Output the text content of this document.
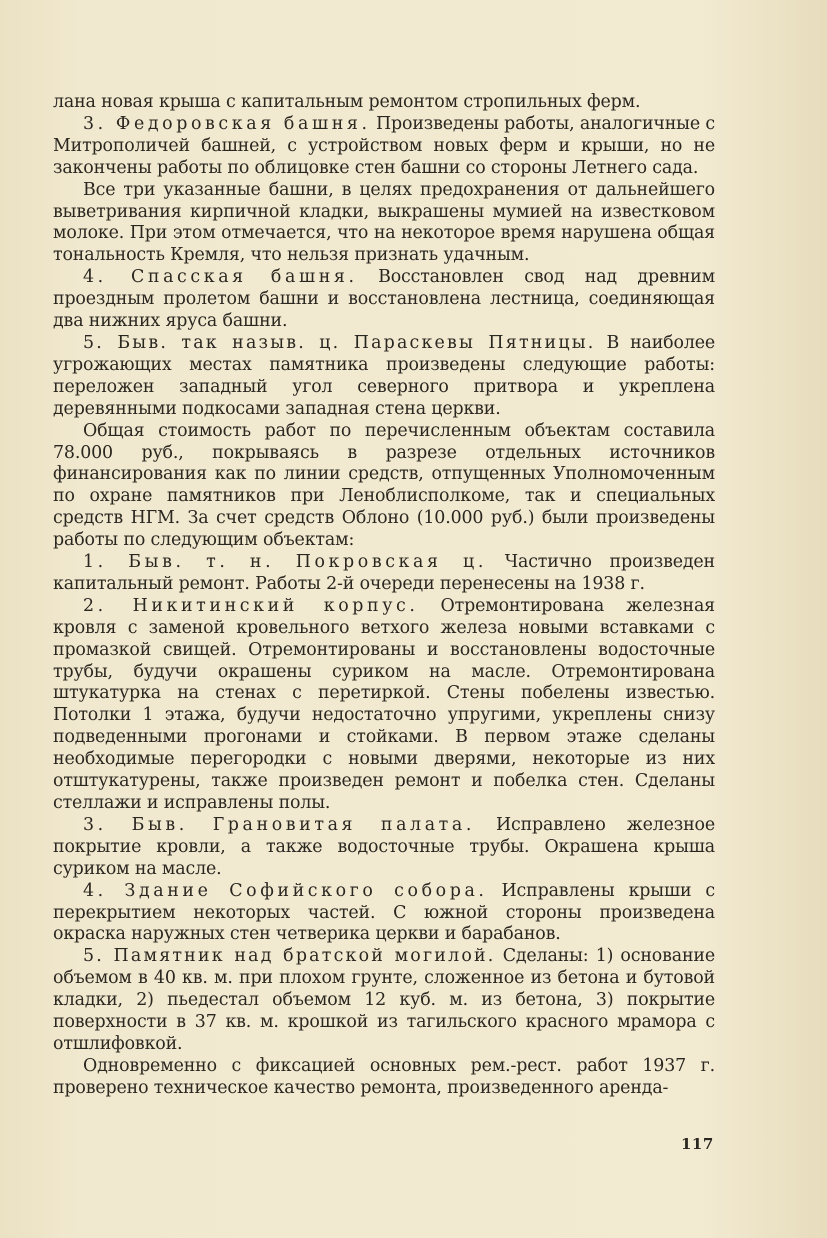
лана новая крыша с капитальным ремонтом стропильных ферм.

3. Федоровская башня. Произведены работы, аналогичные с Митрополичей башней, с устройством новых ферм и крыши, но не закончены работы по облицовке стен башни со стороны Летнего сада.

Все три указанные башни, в целях предохранения от дальнейшего выветривания кирпичной кладки, выкрашены мумией на известковом молоке. При этом отмечается, что на некоторое время нарушена общая тональность Кремля, что нельзя признать удачным.

4. Спасская башня. Восстановлен свод над древним проездным пролетом башни и восстановлена лестница, соединяющая два нижних яруса башни.

5. Быв. так назыв. ц. Параскевы Пятницы. В наиболее угрожающих местах памятника произведены следующие работы: переложен западный угол северного притвора и укреплена деревянными подкосами западная стена церкви.

Общая стоимость работ по перечисленным объектам составила 78.000 руб., покрываясь в разрезе отдельных источников финансирования как по линии средств, отпущенных Уполномоченным по охране памятников при Леноблисполкоме, так и специальных средств НГМ. За счет средств Облоно (10.000 руб.) были произведены работы по следующим объектам:

1. Быв. т. н. Покровская ц. Частично произведен капитальный ремонт. Работы 2-й очереди перенесены на 1938 г.

2. Никитинский корпус. Отремонтирована железная кровля с заменой кровельного ветхого железа новыми вставками с промазкой свищей. Отремонтированы и восстановлены водосточные трубы, будучи окрашены суриком на масле. Отремонтирована штукатурка на стенах с перетиркой. Стены побелены известью. Потолки 1 этажа, будучи недостаточно упругими, укреплены снизу подведенными прогонами и стойками. В первом этаже сделаны необходимые перегородки с новыми дверями, некоторые из них отштукатурены, также произведен ремонт и побелка стен. Сделаны стеллажи и исправлены полы.

3. Быв. Грановитая палата. Исправлено железное покрытие кровли, а также водосточные трубы. Окрашена крыша суриком на масле.

4. Здание Софийского собора. Исправлены крыши с перекрытием некоторых частей. С южной стороны произведена окраска наружных стен четверика церкви и барабанов.

5. Памятник над братской могилой. Сделаны: 1) основание объемом в 40 кв. м. при плохом грунте, сложенное из бетона и бутовой кладки, 2) пьедестал объемом 12 куб. м. из бетона, 3) покрытие поверхности в 37 кв. м. крошкой из тагильского красного мрамора с отшлифовкой.

Одновременно с фиксацией основных рем.-рест. работ 1937 г. проверено техническое качество ремонта, произведенного аренда-

117
